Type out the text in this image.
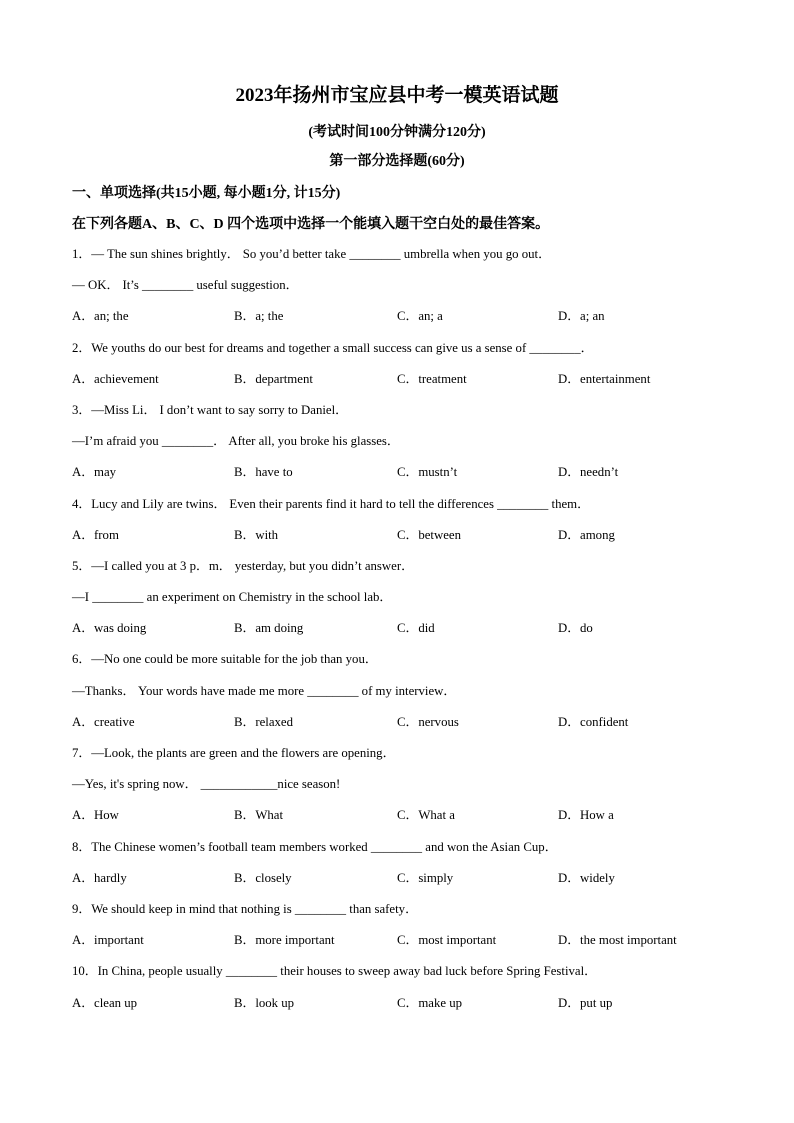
2023年扬州市宝应县中考一模英语试题
(考试时间100分钟满分120分)
第一部分选择题(60分)
一、单项选择(共15小题, 每小题1分, 计15分)
在下列各题A、B、C、D 四个选项中选择一个能填入题干空白处的最佳答案。
1．— The sun shines brightly． So you’d better take ________ umbrella when you go out．
— OK． It’s ________ useful suggestion．
A．an; the	B．a; the	C．an; a	D．a; an
2．We youths do our best for dreams and together a small success can give us a sense of ________．
A．achievement	B．department	C．treatment	D．entertainment
3．—Miss Li． I don’t want to say sorry to Daniel．
—I’m afraid you ________． After all, you broke his glasses．
A．may	B．have to	C．mustn’t	D．needn’t
4．Lucy and Lily are twins． Even their parents find it hard to tell the differences ________ them．
A．from	B．with	C．between	D．among
5．—I called you at 3 p．m． yesterday, but you didn’t answer．
—I ________ an experiment on Chemistry in the school lab．
A．was doing	B．am doing	C．did	D．do
6．—No one could be more suitable for the job than you．
—Thanks． Your words have made me more ________ of my interview．
A．creative	B．relaxed	C．nervous	D．confident
7．—Look, the plants are green and the flowers are opening．
—Yes, it's spring now． ____________nice season!
A．How	B．What	C．What a	D．How a
8．The Chinese women’s football team members worked ________ and won the Asian Cup．
A．hardly	B．closely	C．simply	D．widely
9．We should keep in mind that nothing is ________ than safety．
A．important	B．more important	C．most important	D．the most important
10．In China, people usually ________ their houses to sweep away bad luck before Spring Festival．
A．clean up	B．look up	C．make up	D．put up
